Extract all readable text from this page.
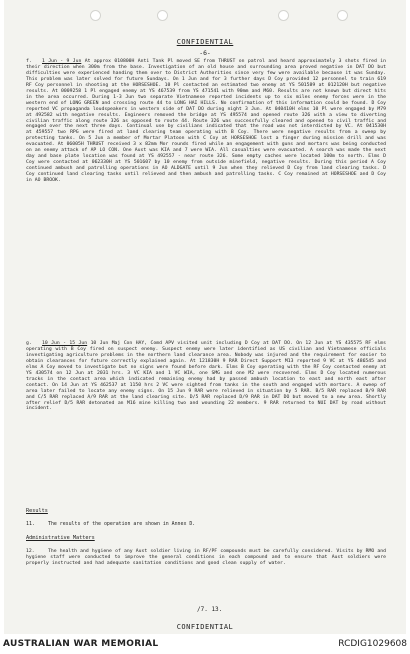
CONFIDENTIAL
-6-
f. 1 Jun - 9 Jun At approx 010800H Anti Tank Pl moved SE from THRUST on patrol and heard approximately 3 shots fired in their direction when 300m from the base. Investigation of an old house and surrounding area proved negative in DAT DO but difficulties were experienced handing them over to District Authorities since very few were available because it was Sunday. This problem was later solved for future Sundays. On 1 Jun and for 3 further days D Coy provided 12 personnel to train 619 RF Coy personnel in shooting at the HORSESHOE. 10 Pl contacted an estimated two enemy at YS 501589 at 012120H but negative results. At 0009258 1 Pl engaged enemy at YS 467539 from YS 471541 with 90mm and M60. Results are not known but direct hits in the area occurred. During 1-3 Jun two separate Vietnamese reported incidents up to six miles enemy forces were in the western end of LONG GREEN and crossing route 44 to LONG HAI HILLS. No confirmation of this information could be found. D Coy reported VC propaganda loudspeakers in western side of DAT DO during night 3 Jun. At 040410H elms 10 Pl were engaged by M79 at 492582 with negative results. Engineers removed the bridge at YS 495574 and opened route 326 with a view to diverting civilian traffic along route 326 as opposed to route 44. Route 326 was successfully cleared and opened to civil traffic and engaged over the next three days. Continual use by civilians indicated that the road was not interdicted by VC. At 041530H at 459557 two RPG were fired at land clearing team operating with B Coy. There were negative results from a sweep by protecting tanks. On 5 Jun a member of Mortar Platoon with C Coy at HORSESHOE lost a finger during mission drill and was evacuated. At 06005H THRUST received 3 x 82mm Mor rounds fired while an engagement with guns and mortars was being conducted on an enemy attack of AP LO CON. One Aust was KIA and 7 were WIA. All casualties were evacuated. A search was made the next day and base plate location was found at YS 492557 - near route 326. Some empty caches were located 100m to north. Elms D Coy were contacted at 062330H at YS 501607 by 10 enemy from outside minefield, negative results. During this period A Coy continued ambush and patrolling operations in AO ALDGATE until 9 Jun when they relieved D Coy from land clearing tasks. D Coy continued land clearing tasks until relieved and then ambush and patrolling tasks. C Coy remained at HORSESHOE and D Coy in AO BROOK.
g. 10 Jun - 15 Jun 10 Jun Maj Con HAY, Comd APV visited unit including D Coy at DAT DO. On 12 Jun at YS 435575 RF elms operating with B Coy fired on suspect enemy. Suspect enemy were later identified as US civilian and Vietnamese officials investigating agriculture problems in the northern land clearance area. Nobody was injured and the requirement for easier to obtain clearances for future correctly explained again. At 121830H 9 RAR Direct Support M13 reported 9 VC at YS 486545 and elms A Coy moved to investigate but no signs were found before dark. Elms B Coy operating with the RF Coy contacted enemy at YS 430574 on 12 Jun at 2031 hrs. 3 VC KIA and 1 VC WIA, one SMG and one M2 were recovered. Elms D Coy located numerous tracks in the contact area which indicated remaining enemy had by passed ambush location to east and north east after contact. On 14 Jun at YS 462537 at 1150 hrs 2 VC were sighted from tanks in the south and engaged with mortars. A sweep of area later failed to locate any enemy signs. On 15 Jun 9 RAR were relieved in situation by 5 RAR. B/5 RAR replaced B/9 RAR and C/5 RAR replaced A/9 RAR at the land clearing site. D/5 RAR replaced D/9 RAR in DAT DO but moved to a new area. Shortly after relief D/5 RAR detonated an M16 mine killing two and wounding 22 members. 9 RAR returned to NUI DAT by road without incident.
Results
11.	The results of the operation are shown in Annex D.
Administrative Matters
12.	The health and hygiene of any Aust soldier living in RF/PF compounds must be carefully considered. Visits by RMO and hygiene staff were conducted to improve the general conditions in each compound and to ensure that Aust soldiers were properly instructed and had adequate sanitation conditions and good clean supply of water.
/7. 13.
CONFIDENTIAL
AUSTRALIAN WAR MEMORIAL	RCDIG1029608
